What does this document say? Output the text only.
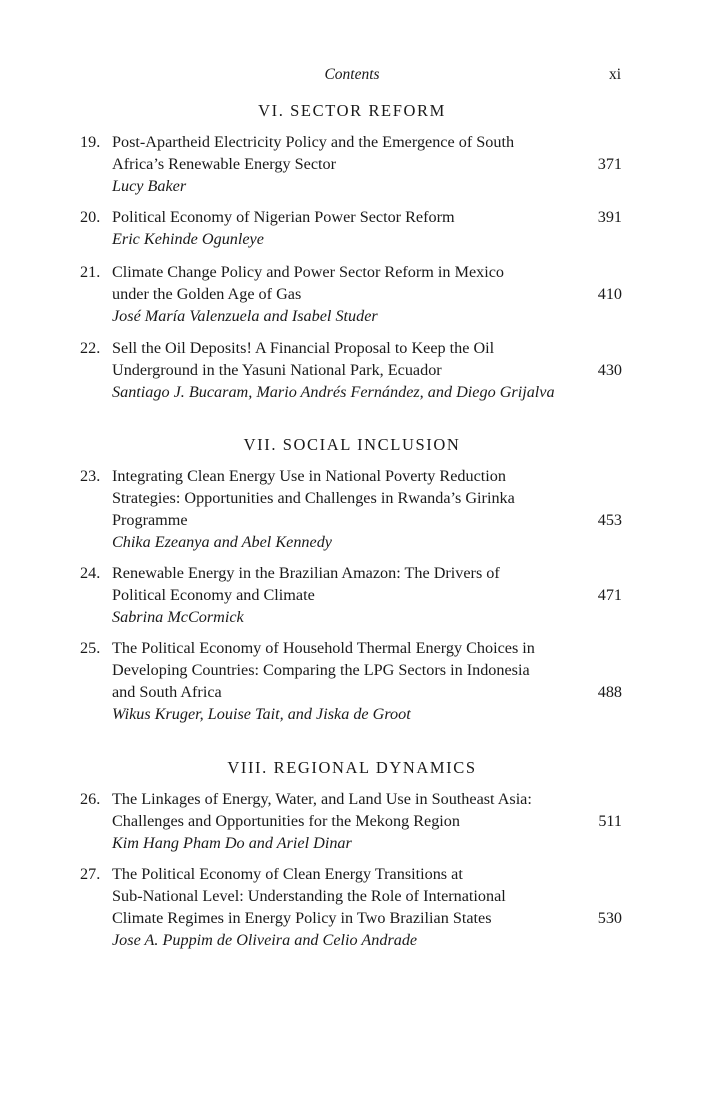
Contents	xi
VI. SECTOR REFORM
19. Post-Apartheid Electricity Policy and the Emergence of South
Africa’s Renewable Energy Sector	371
Lucy Baker
20. Political Economy of Nigerian Power Sector Reform	391
Eric Kehinde Ogunleye
21. Climate Change Policy and Power Sector Reform in Mexico
under the Golden Age of Gas	410
José María Valenzuela and Isabel Studer
22. Sell the Oil Deposits! A Financial Proposal to Keep the Oil
Underground in the Yasuni National Park, Ecuador	430
Santiago J. Bucaram, Mario Andrés Fernández, and Diego Grijalva
VII. SOCIAL INCLUSION
23. Integrating Clean Energy Use in National Poverty Reduction
Strategies: Opportunities and Challenges in Rwanda’s Girinka
Programme	453
Chika Ezeanya and Abel Kennedy
24. Renewable Energy in the Brazilian Amazon: The Drivers of
Political Economy and Climate	471
Sabrina McCormick
25. The Political Economy of Household Thermal Energy Choices in
Developing Countries: Comparing the LPG Sectors in Indonesia
and South Africa	488
Wikus Kruger, Louise Tait, and Jiska de Groot
VIII. REGIONAL DYNAMICS
26. The Linkages of Energy, Water, and Land Use in Southeast Asia:
Challenges and Opportunities for the Mekong Region	511
Kim Hang Pham Do and Ariel Dinar
27. The Political Economy of Clean Energy Transitions at
Sub-National Level: Understanding the Role of International
Climate Regimes in Energy Policy in Two Brazilian States	530
Jose A. Puppim de Oliveira and Celio Andrade
